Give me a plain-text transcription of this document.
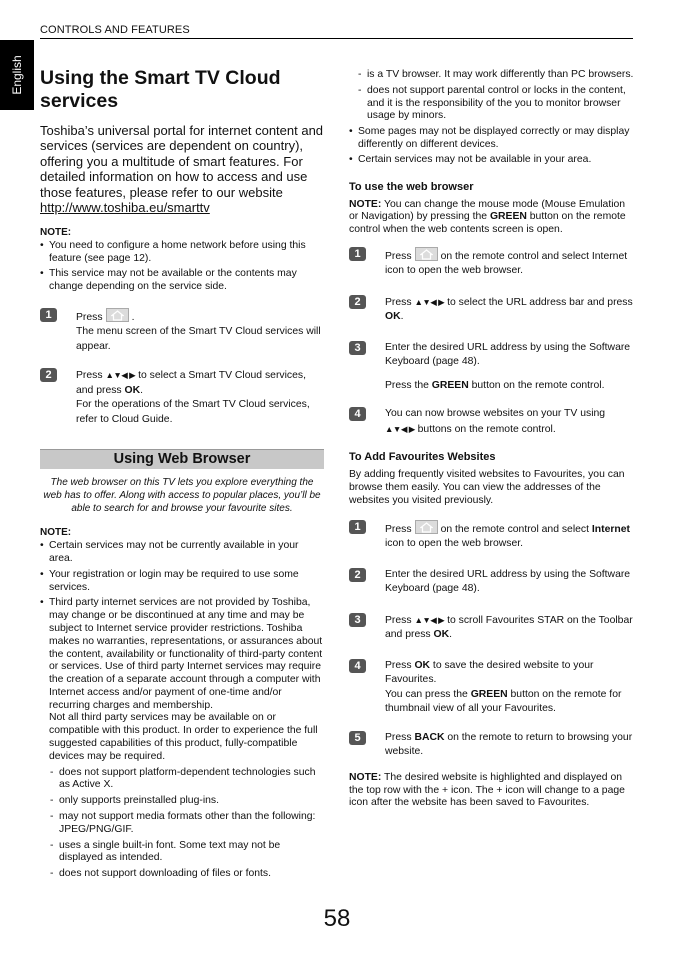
CONTROLS AND FEATURES
English Using the Smart TV Cloud services

Toshiba’s universal portal for internet content and services (services are dependent on country), offering you a multitude of smart features. For detailed information on how to access and use those features, please refer to our website http://www.toshiba.eu/smarttv

NOTE:
• You need to configure a home network before using this feature (see page 12).
• This service may not be available or the contents may change depending on the service side.
1	Press	.
The menu screen of the Smart TV Cloud services will appear.
2	Press ▲▼◀ ▶ to select a Smart TV Cloud services, and press OK.
For the operations of the Smart TV Cloud services, refer to Cloud Guide.
Using Web Browser

The web browser on this TV lets you explore everything the web has to offer. Along with access to popular places, you’ll be able to search for and browse your favourite sites.

NOTE:
• Certain services may not be currently available in your area.
• Your registration or login may be required to use some services.
• Third party internet services are not provided by Toshiba, may change or be discontinued at any time and may be subject to Internet service provider restrictions. Toshiba makes no warranties, representations, or assurances about the content, availability or functionality of third-party content or services. Use of third party Internet services may require the creation of a separate account through a computer with Internet access and/or payment of one-time and/or recurring charges and membership.
Not all third party services may be available on or compatible with this product. In order to experience the full suggested capabilities of this product, fully-compatible devices may be required.
- does not support platform-dependent technologies such as Active X.
- only supports preinstalled plug-ins.
- may not support media formats other than the following: JPEG/PNG/GIF.
- uses a single built-in font. Some text may not be displayed as intended.
- does not support downloading of files or fonts.
- is a TV browser. It may work differently than PC browsers.
- does not support parental control or locks in the content, and it is the responsibility of the you to monitor browser usage by minors.
• Some pages may not be displayed correctly or may display differently on different devices.
• Certain services may not be available in your area.
To use the web browser

NOTE: You can change the mouse mode (Mouse Emulation or Navigation) by pressing the GREEN button on the remote control when the web contents screen is open.

1	Press	on the remote control and select Internet icon to open the web browser.
2	Press ▲▼◀ ▶ to select the URL address bar and press OK.
3	Enter the desired URL address by using the Software Keyboard (page 48).

Press the GREEN button on the remote control.
4	You can now browse websites on your TV using
▲▼◀ ▶ buttons on the remote control.
To Add Favourites Websites

By adding frequently visited websites to Favourites, you can browse them easily. You can view the addresses of the websites you visited previously.

1	Press	on the remote control and select Internet icon to open the web browser.
2	Enter the desired URL address by using the Software Keyboard (page 48).
3	Press ▲▼◀ ▶ to scroll Favourites STAR on the Toolbar and press OK.
4	Press OK to save the desired website to your Favourites.
You can press the GREEN button on the remote for thumbnail view of all your Favourites.
5	Press BACK on the remote to return to browsing your website.

NOTE: The desired website is highlighted and displayed on the top row with the + icon. The + icon will change to a page icon after the website has been saved to Favourites.

58
